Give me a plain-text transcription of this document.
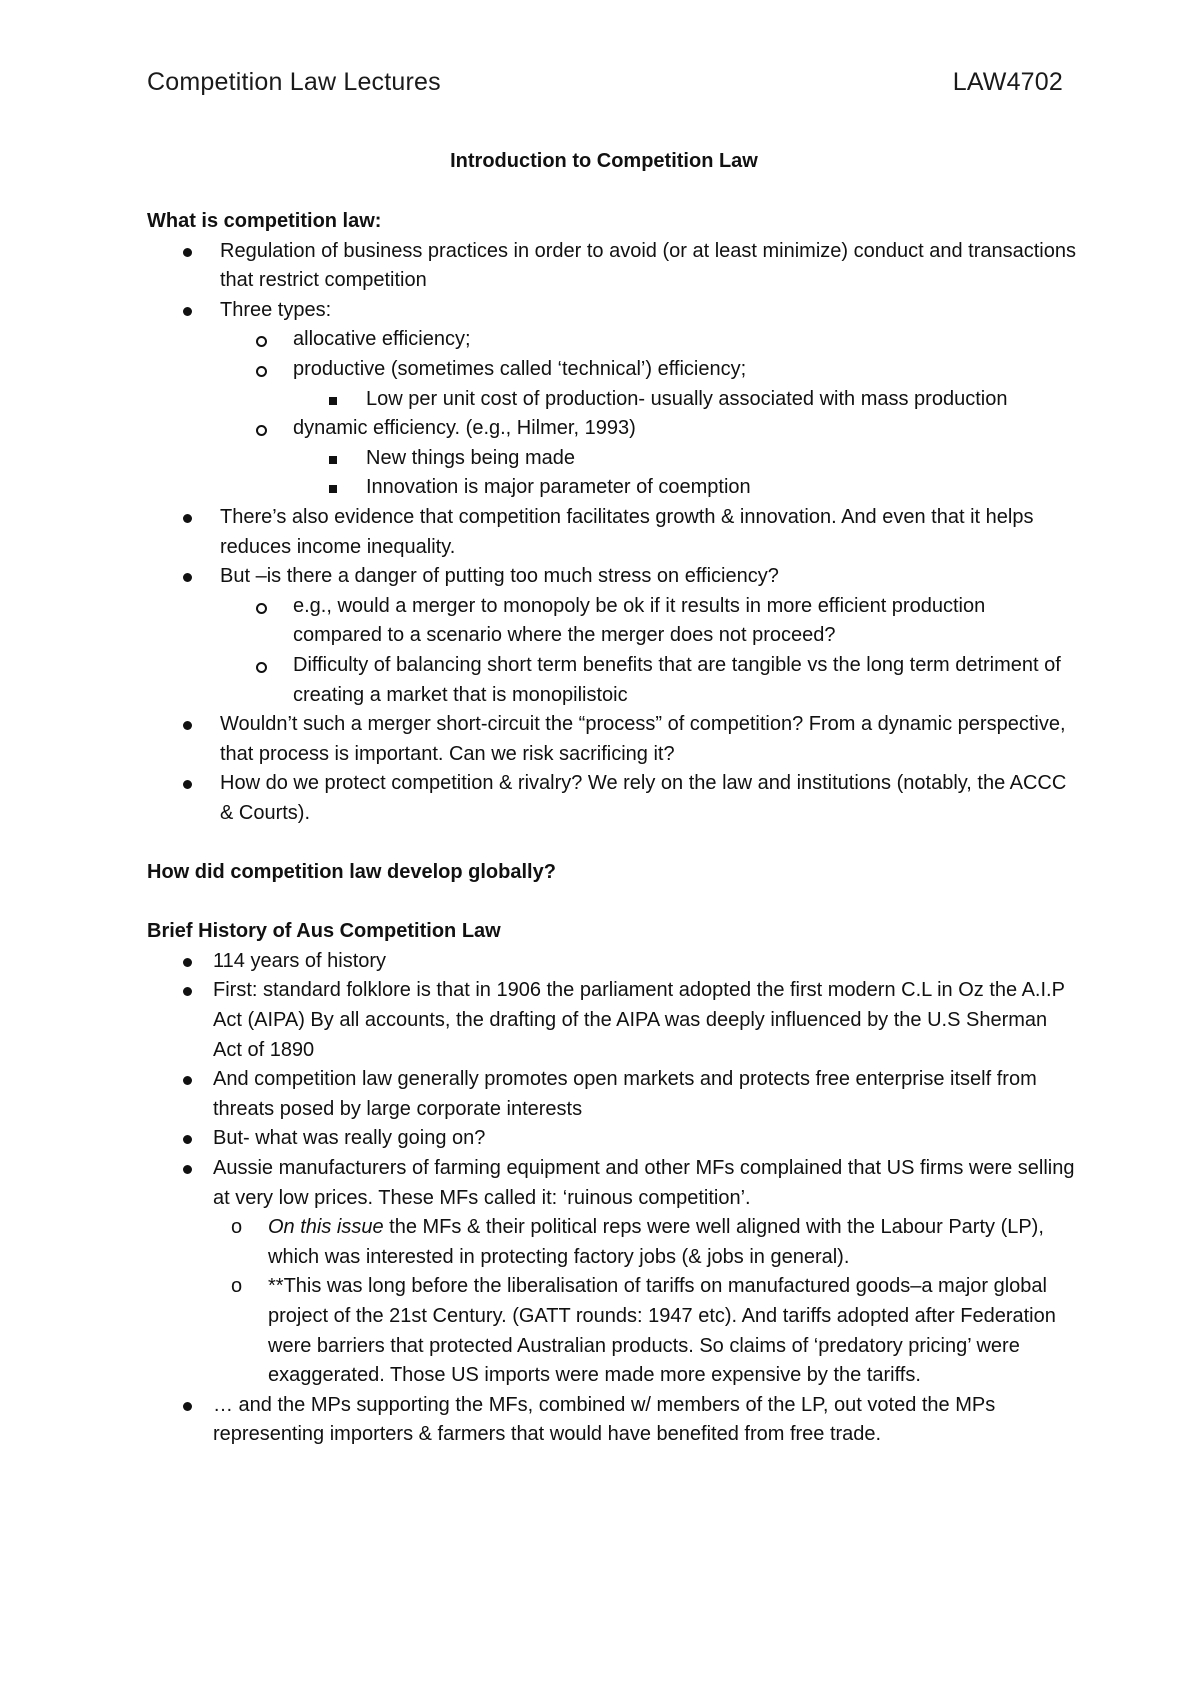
Competition Law Lectures	LAW4702
Introduction to Competition Law
What is competition law:
Regulation of business practices in order to avoid (or at least minimize) conduct and transactions that restrict competition
Three types:
allocative efficiency;
productive (sometimes called ‘technical’) efficiency;
Low per unit cost of production- usually associated with mass production
dynamic efficiency. (e.g., Hilmer, 1993)
New things being made
Innovation is major parameter of coemption
There’s also evidence that competition facilitates growth & innovation. And even that it helps reduces income inequality.
But –is there a danger of putting too much stress on efficiency?
e.g., would a merger to monopoly be ok if it results in more efficient production compared to a scenario where the merger does not proceed?
Difficulty of balancing short term benefits that are tangible vs the long term detriment of creating a market that is monopilistoic
Wouldn’t such a merger short-circuit the “process” of competition? From a dynamic perspective, that process is important. Can we risk sacrificing it?
How do we protect competition & rivalry? We rely on the law and institutions (notably, the ACCC & Courts).
How did competition law develop globally?
Brief History of Aus Competition Law
114 years of history
First: standard folklore is that in 1906 the parliament adopted the first modern C.L in Oz the A.I.P Act (AIPA) By all accounts, the drafting of the AIPA was deeply influenced by the U.S Sherman Act of 1890
And competition law generally promotes open markets and protects free enterprise itself from threats posed by large corporate interests
But- what was really going on?
Aussie manufacturers of farming equipment and other MFs complained that US firms were selling at very low prices. These MFs called it: ‘ruinous competition’.
o On this issue the MFs & their political reps were well aligned with the Labour Party (LP), which was interested in protecting factory jobs (& jobs in general).
o **This was long before the liberalisation of tariffs on manufactured goods–a major global project of the 21st Century. (GATT rounds: 1947 etc). And tariffs adopted after Federation were barriers that protected Australian products. So claims of ‘predatory pricing’ were exaggerated. Those US imports were made more expensive by the tariffs.
… and the MPs supporting the MFs, combined w/ members of the LP, out voted the MPs representing importers & farmers that would have benefited from free trade.
